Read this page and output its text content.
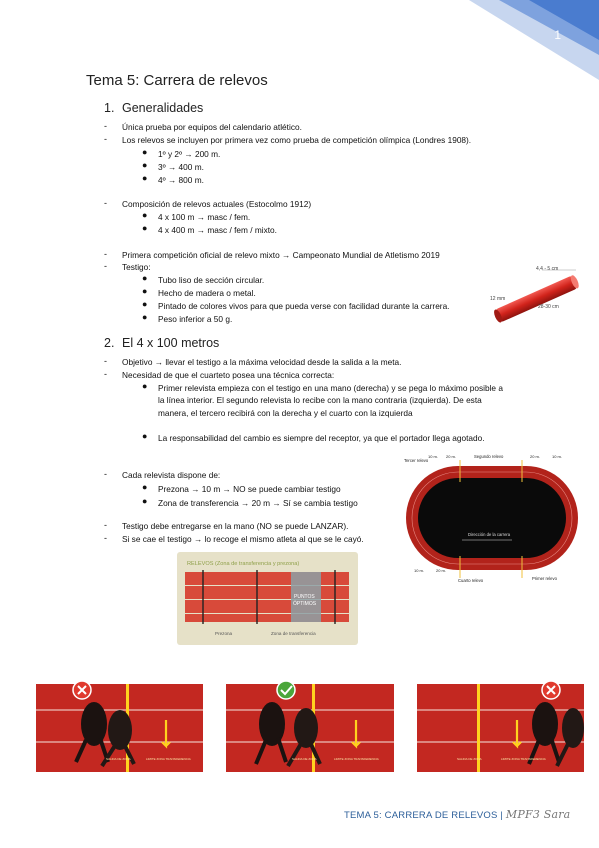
1
Tema 5: Carrera de relevos
1. Generalidades
- Única prueba por equipos del calendario atlético.
- Los relevos se incluyen por primera vez como prueba de competición olímpica (Londres 1908).
● 1º y 2º → 200 m.
● 3º → 400 m.
● 4º → 800 m.
- Composición de relevos actuales (Estocolmo 1912)
● 4 x 100 m → masc / fem.
● 4 x 400 m → masc / fem / mixto.
- Primera competición oficial de relevo mixto → Campeonato Mundial de Atletismo 2019
- Testigo:
● Tubo liso de sección circular.
● Hecho de madera o metal.
● Pintado de colores vivos para que pueda verse con facilidad durante la carrera.
● Peso inferior a 50 g.
4,4 - 5 cm
12 mm
28-30 cm
2. El 4 x 100 metros
- Objetivo → llevar el testigo a la máxima velocidad desde la salida a la meta.
- Necesidad de que el cuarteto posea una técnica correcta:
● Primer relevista empieza con el testigo en una mano (derecha) y se pega lo máximo posible a la línea interior. El segundo relevista lo recibe con la mano contraria (izquierda). De esta manera, el tercero recibirá con la derecha y el cuarto con la izquierda
● La responsabilidad del cambio es siempre del receptor, ya que el portador llega agotado.
- Cada relevista dispone de:
● Prezona → 10 m → NO se puede cambiar testigo
● Zona de transferencia → 20 m → Sí se cambia testigo
- Testigo debe entregarse en la mano (NO se puede LANZAR).
- Si se cae el testigo → lo recoge el mismo atleta al que se le cayó.
Tercer relevo
Segundo relevo
10 m. 20 m.	20 m.	10 m.
Dirección de la carrera
10 m.	20 m.
Cuarto relevo	Primer relevo
RELEVOS (Zona de transferencia y prezona)
PUNTOS
ÓPTIMOS
Prezona	Zona de transferencia
SALIDA DE ZONA	LIMITE ZONA TRANSFERENCIA	SALIDA DE ZONA	LIMITE ZONA TRANSFERENCIA	SALIDA DE ZONA	LIMITE ZONA TRANSFERENCIA
TEMA 5: CARRERA DE RELEVOS | MPF3 Sara
